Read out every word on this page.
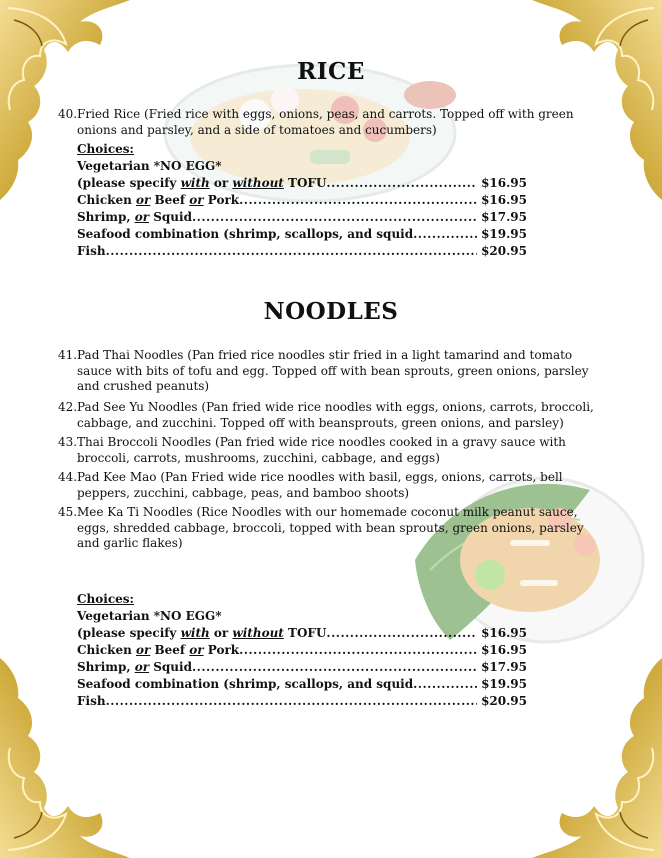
RICE
40. Fried Rice (Fried rice with eggs, onions, peas, and carrots. Topped off with green onions and parsley, and a side of tomatoes and cucumbers)
Choices:
Vegetarian *NO EGG*
(please specify with or without TOFU .....	$16.95
Chicken or Beef or Pork .....	$16.95
Shrimp, or Squid .....	$17.95
Seafood combination (shrimp, scallops, and squid .....	$19.95
Fish .....	$20.95
NOODLES
41. Pad Thai Noodles (Pan fried rice noodles stir fried in a light tamarind and tomato sauce with bits of tofu and egg. Topped off with bean sprouts, green onions, parsley and crushed peanuts)
42. Pad See Yu Noodles (Pan fried wide rice noodles with eggs, onions, carrots, broccoli, cabbage, and zucchini. Topped off with beansprouts, green onions, and parsley)
43. Thai Broccoli Noodles (Pan fried wide rice noodles cooked in a gravy sauce with broccoli, carrots, mushrooms, zucchini, cabbage, and eggs)
44. Pad Kee Mao (Pan Fried wide rice noodles with basil, eggs, onions, carrots, bell peppers, zucchini, cabbage, peas, and bamboo shoots)
45. Mee Ka Ti Noodles (Rice Noodles with our homemade coconut milk peanut sauce, eggs, shredded cabbage, broccoli, topped with bean sprouts, green onions, parsley and garlic flakes)
Choices:
Vegetarian *NO EGG*
(please specify with or without TOFU .....	$16.95
Chicken or Beef or Pork .....	$16.95
Shrimp, or Squid .....	$17.95
Seafood combination (shrimp, scallops, and squid .....	$19.95
Fish .....	$20.95
